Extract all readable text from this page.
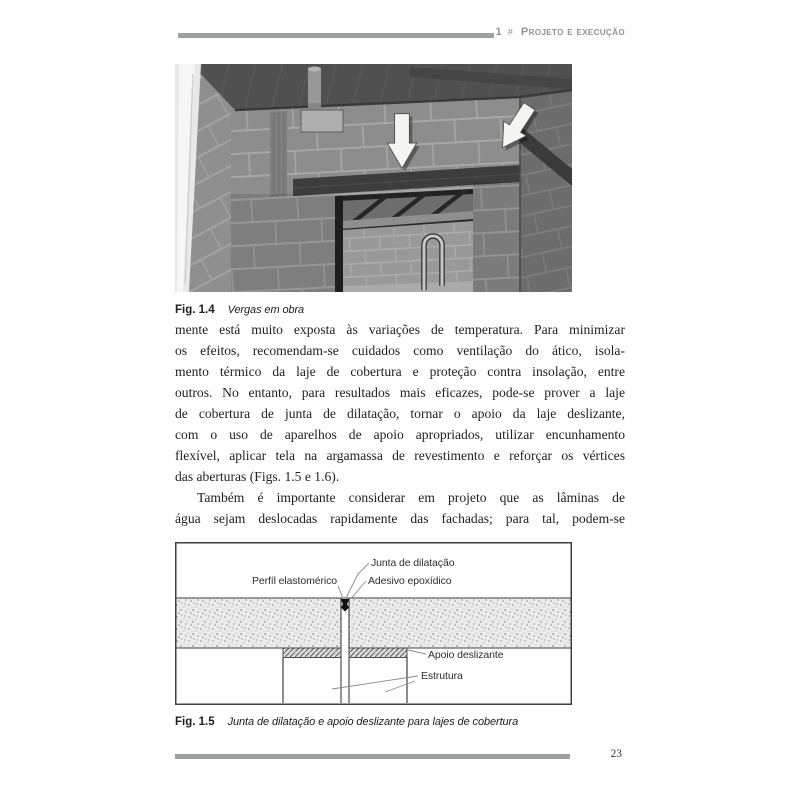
1 # Projeto e execução
Fig. 1.4 Vergas em obra
mente está muito exposta às variações de temperatura. Para minimizar
os efeitos, recomendam-se cuidados como ventilação do ático, isola-
mento térmico da laje de cobertura e proteção contra insolação, entre
outros. No entanto, para resultados mais eficazes, pode-se prover a laje
de cobertura de junta de dilatação, tornar o apoio da laje deslizante,
com o uso de aparelhos de apoio apropriados, utilizar encunhamento
flexível, aplicar tela na argamassa de revestimento e reforçar os vértices
das aberturas (Figs. 1.5 e 1.6).
Também é importante considerar em projeto que as lâminas de
água sejam deslocadas rapidamente das fachadas; para tal, podem-se
Junta de dilatação
Adesivo epoxídico
Perfíl elastomérico
Apoio deslizante
Estrutura
Fig. 1.5 Junta de dilatação e apoio deslizante para lajes de cobertura
23
